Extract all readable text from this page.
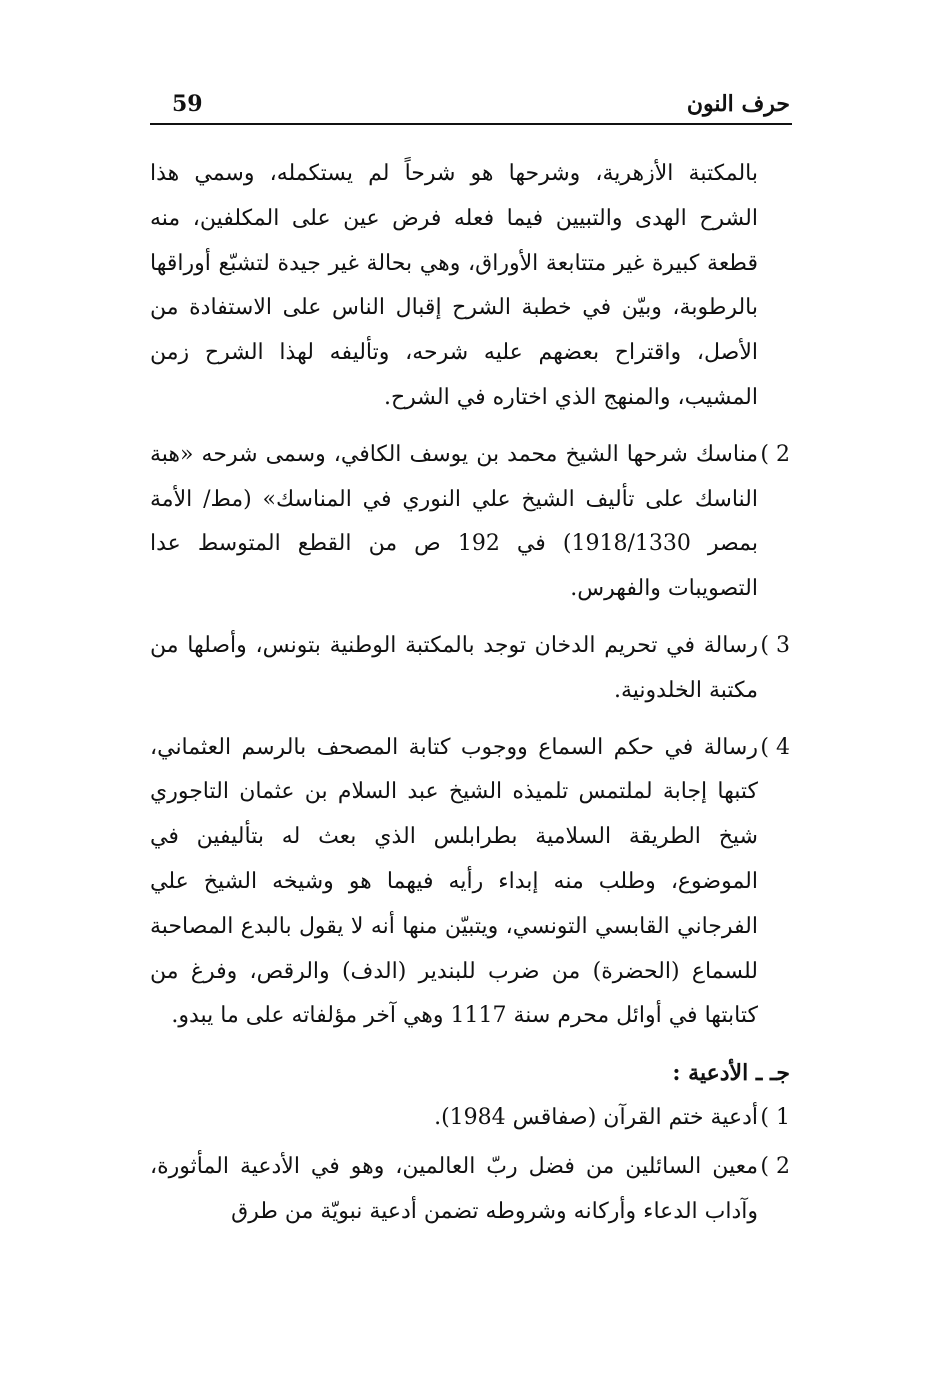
حرف النون
59

بالمكتبة الأزهرية، وشرحها هو شرحاً لم يستكمله، وسمي هذا الشرح الهدى والتبيين فيما فعله فرض عين على المكلفين، منه قطعة كبيرة غير متتابعة الأوراق، وهي بحالة غير جيدة لتشبّع أوراقها بالرطوبة، وبيّن في خطبة الشرح إقبال الناس على الاستفادة من الأصل، واقتراح بعضهم عليه شرحه، وتأليفه لهذا الشرح زمن المشيب، والمنهج الذي اختاره في الشرح.

2 )
مناسك شرحها الشيخ محمد بن يوسف الكافي، وسمى شرحه «هبة الناسك على تأليف الشيخ علي النوري في المناسك» (مط/ الأمة بمصر 1918/1330) في 192 ص من القطع المتوسط عدا التصويبات والفهرس.
3 )
رسالة في تحريم الدخان توجد بالمكتبة الوطنية بتونس، وأصلها من مكتبة الخلدونية.
4 )
رسالة في حكم السماع ووجوب كتابة المصحف بالرسم العثماني، كتبها إجابة لملتمس تلميذه الشيخ عبد السلام بن عثمان التاجوري شيخ الطريقة السلامية بطرابلس الذي بعث له بتأليفين في الموضوع، وطلب منه إبداء رأيه فيهما هو وشيخه الشيخ علي الفرجاني القابسي التونسي، ويتبيّن منها أنه لا يقول بالبدع المصاحبة للسماع (الحضرة) من ضرب للبندير (الدف) والرقص، وفرغ من كتابتها في أوائل محرم سنة 1117 وهي آخر مؤلفاته على ما يبدو.

جـ ـ الأدعية :

1 )
أدعية ختم القرآن (صفاقس 1984).
2 )
معين السائلين من فضل ربّ العالمين، وهو في الأدعية المأثورة، وآداب الدعاء وأركانه وشروطه تضمن أدعية نبويّة من طرق
